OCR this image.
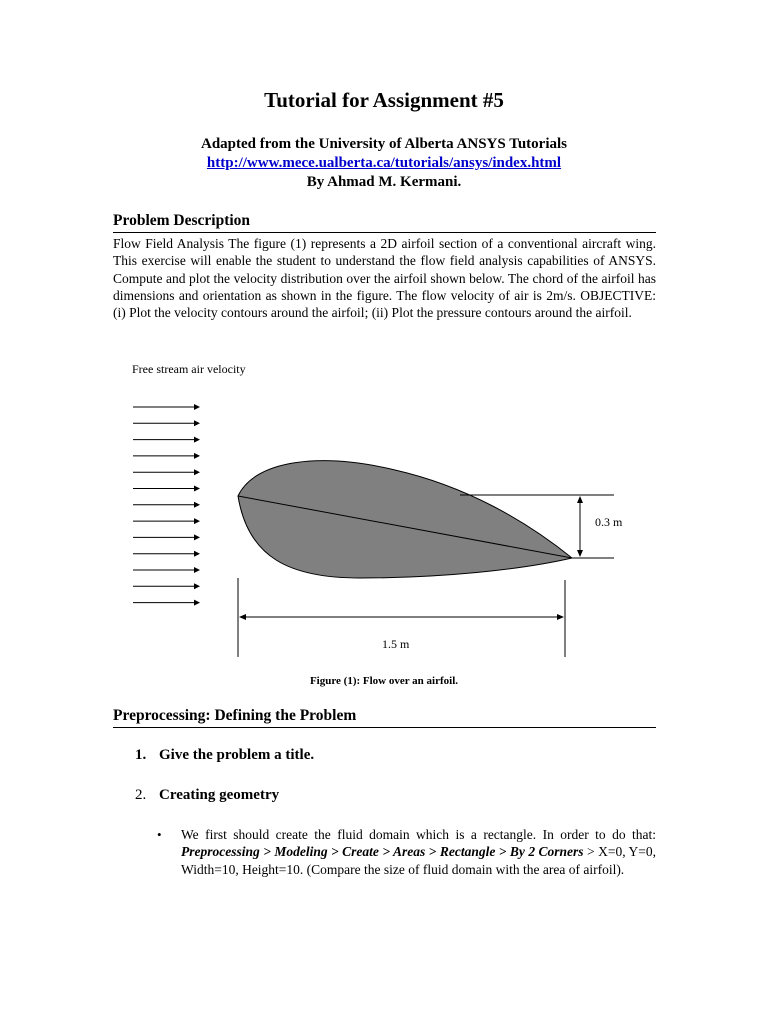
Tutorial for Assignment #5
Adapted from the University of Alberta ANSYS Tutorials
http://www.mece.ualberta.ca/tutorials/ansys/index.html
By Ahmad M. Kermani.
Problem Description
Flow Field Analysis The figure (1) represents a 2D airfoil section of a conventional aircraft wing. This exercise will enable the student to understand the flow field analysis capabilities of ANSYS. Compute and plot the velocity distribution over the airfoil shown below. The chord of the airfoil has dimensions and orientation as shown in the figure. The flow velocity of air is 2m/s. OBJECTIVE: (i) Plot the velocity contours around the airfoil; (ii) Plot the pressure contours around the airfoil.
Free stream air velocity
0.3 m
1.5 m
Figure (1): Flow over an airfoil.
Preprocessing: Defining the Problem
1. Give the problem a title.
2. Creating geometry
• We first should create the fluid domain which is a rectangle. In order to do that: Preprocessing > Modeling > Create > Areas > Rectangle > By 2 Corners > X=0, Y=0, Width=10, Height=10. (Compare the size of fluid domain with the area of airfoil).
